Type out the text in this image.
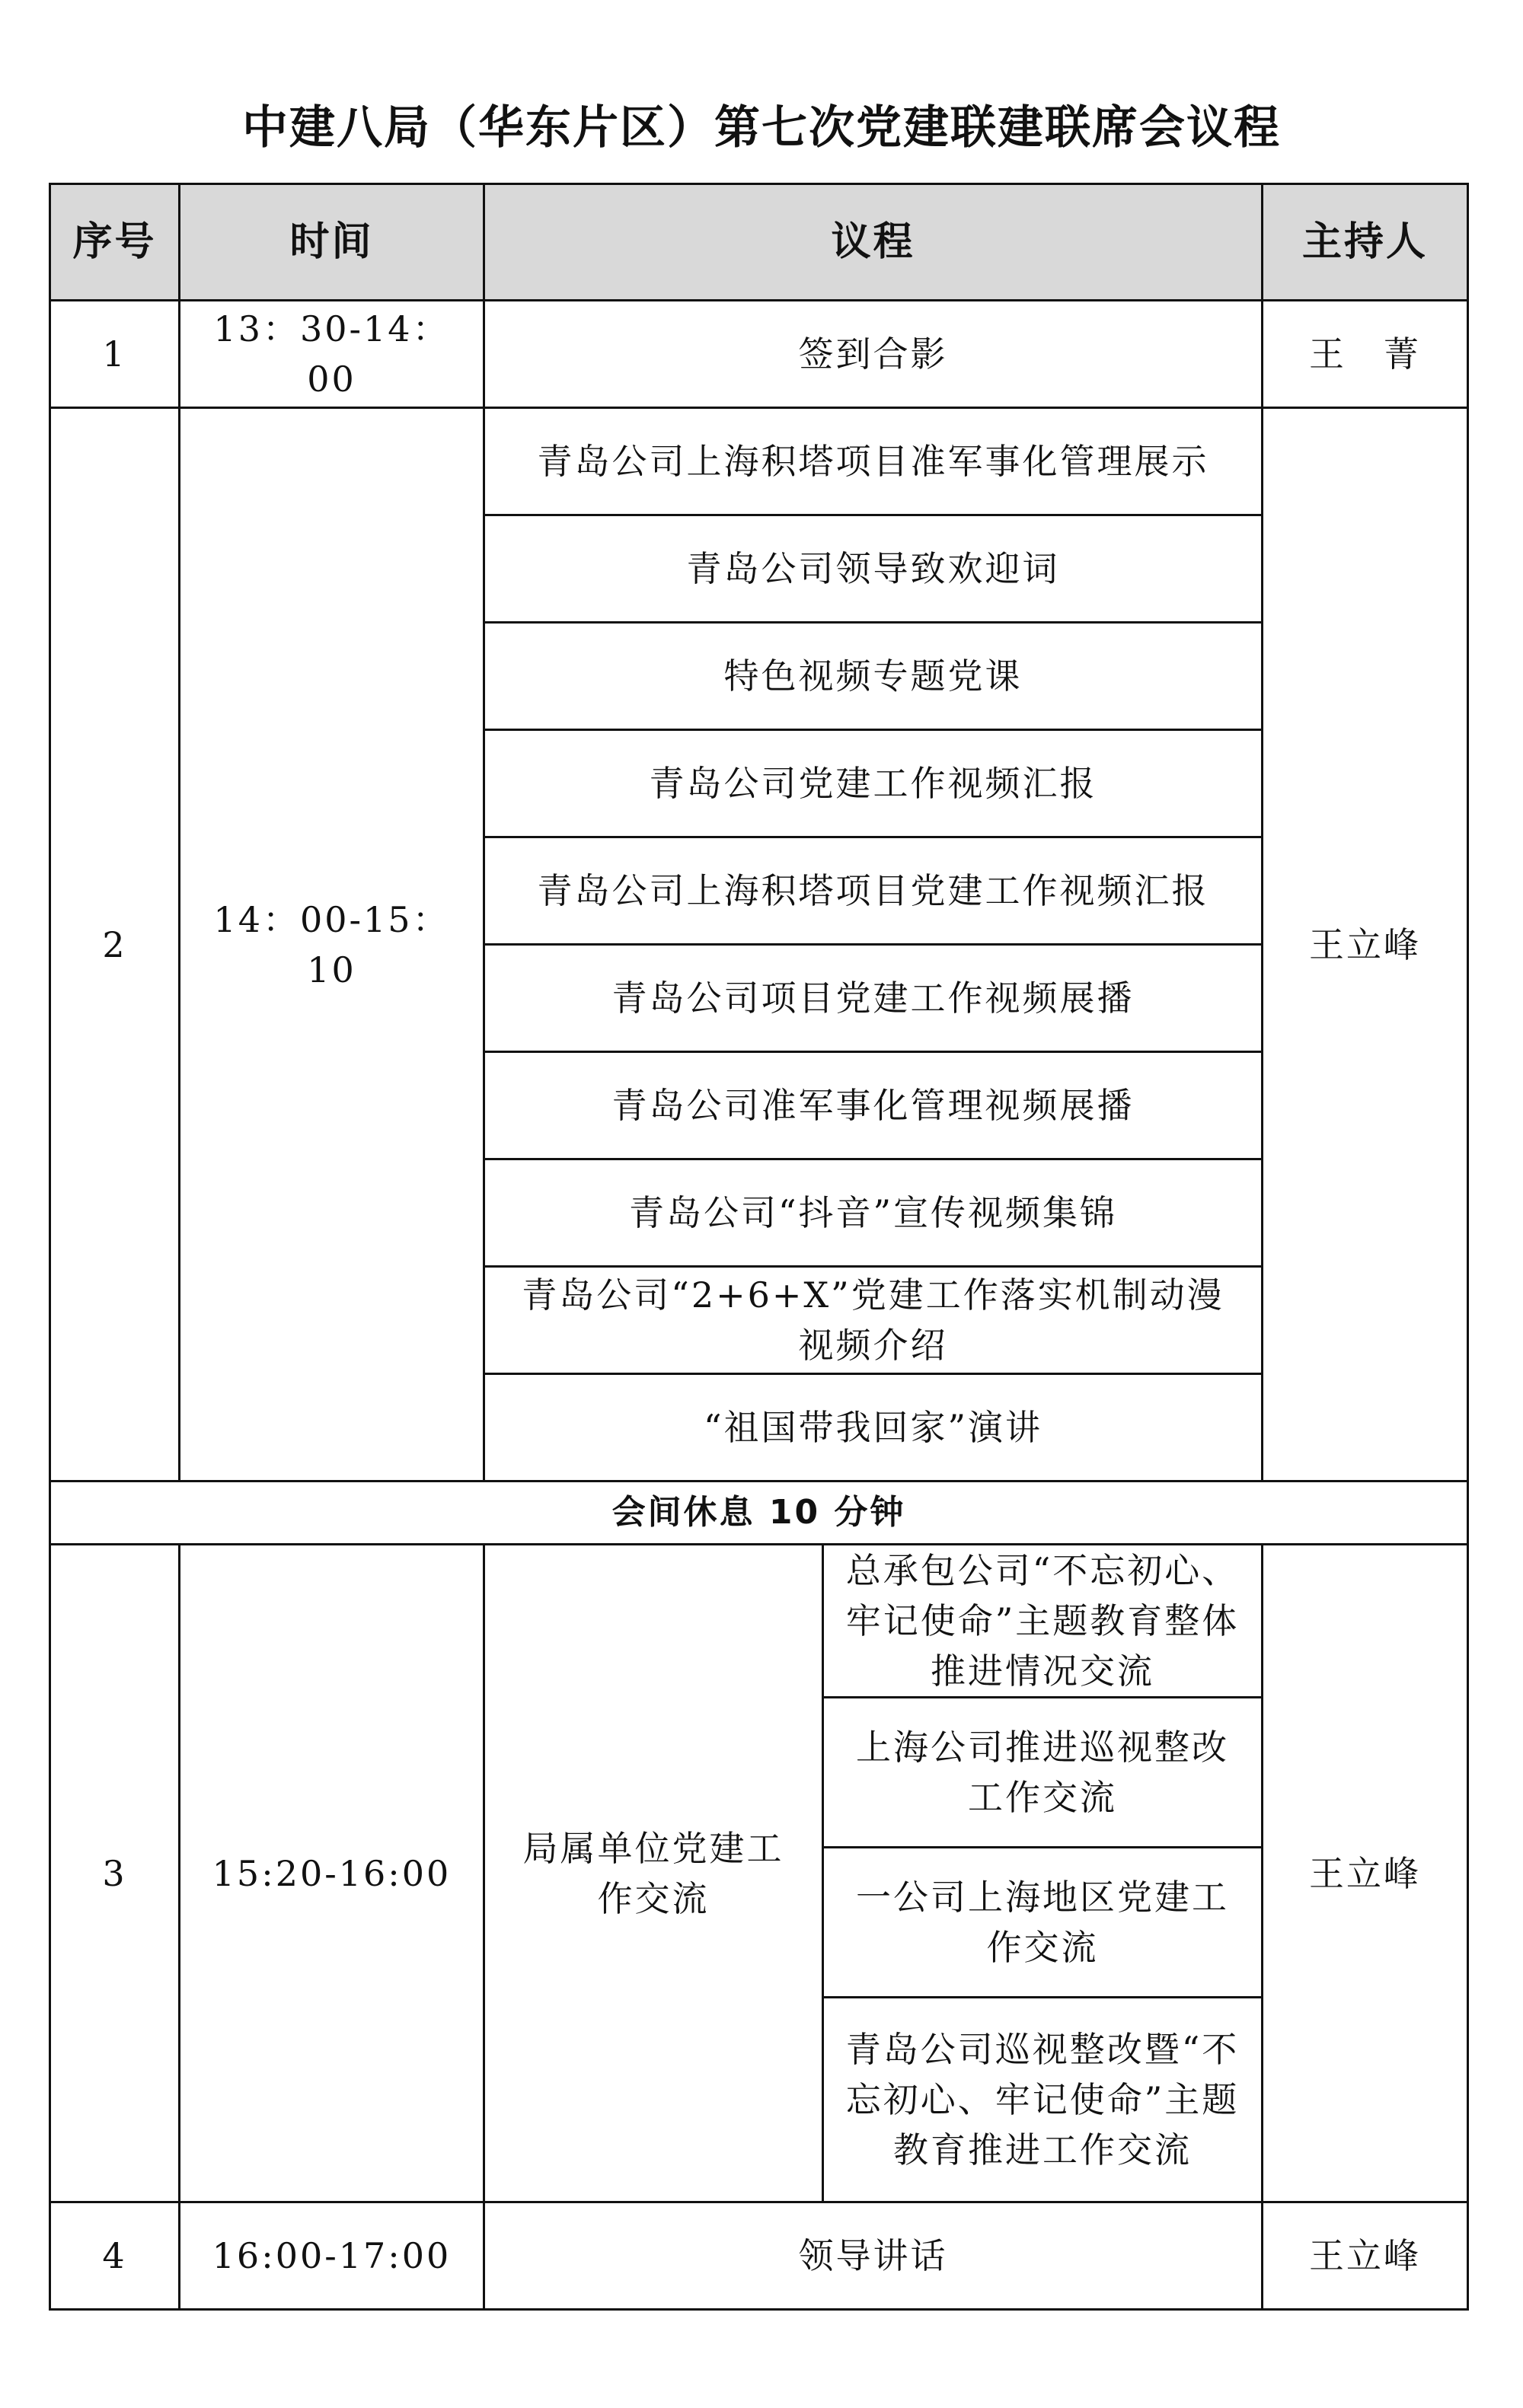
中建八局（华东片区）第七次党建联建联席会议程
序号	时间	议程		主持人
1	13：30-14：00	签到合影		王　菁
2	14：00-15：10	青岛公司上海积塔项目准军事化管理展示		王立峰
		青岛公司领导致欢迎词		
		特色视频专题党课		
		青岛公司党建工作视频汇报		
		青岛公司上海积塔项目党建工作视频汇报		
		青岛公司项目党建工作视频展播		
		青岛公司准军事化管理视频展播		
		青岛公司“抖音”宣传视频集锦		
		青岛公司“2+6+X”党建工作落实机制动漫视频介绍		
		“祖国带我回家”演讲		
会间休息 10 分钟				
3	15:20-16:00	局属单位党建工作交流	总承包公司“不忘初心、牢记使命”主题教育整体推进情况交流	王立峰
			上海公司推进巡视整改工作交流	
			一公司上海地区党建工作交流	
			青岛公司巡视整改暨“不忘初心、牢记使命”主题教育推进工作交流	
4	16:00-17:00	领导讲话		王立峰
